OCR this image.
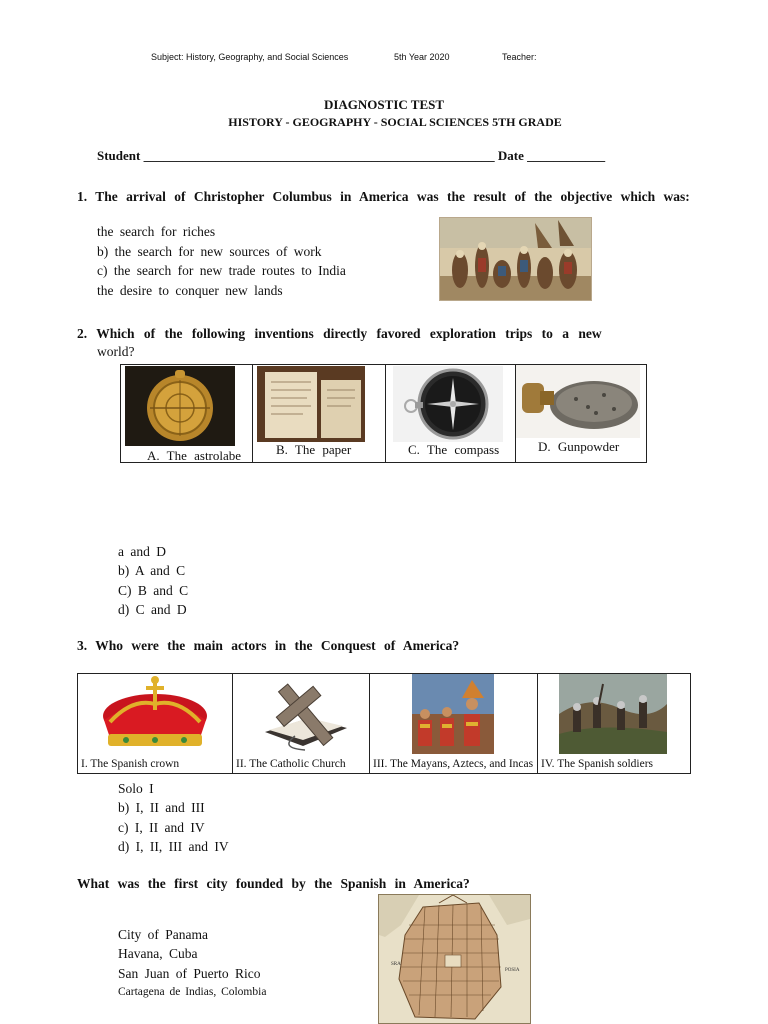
Subject: History, Geography, and Social Sciences	5th Year 2020	Teacher:
DIAGNOSTIC TEST
HISTORY - GEOGRAPHY - SOCIAL SCIENCES 5TH GRADE
Student ______________________________________________________ Date ____________
1. The arrival of Christopher Columbus in America was the result of the objective which was:
the search for riches
b) the search for new sources of work
c) the search for new trade routes to India
the desire to conquer new lands
2. Which of the following inventions directly favored exploration trips to a new
world?
A. The astrolabe	B. The paper	C. The compass	D. Gunpowder
a and D
b) A and C
C) B and C
d) C and D
3. Who were the main actors in the Conquest of America?
I. The Spanish crown	II. The Catholic Church	III. The Mayans, Aztecs, and Incas	IV. The Spanish soldiers
Solo I
b) I, II and III
c) I, II and IV
d) I, II, III and IV
What was the first city founded by the Spanish in America?
City of Panama
Havana, Cuba
San Juan of Puerto Rico
Cartagena de Indias, Colombia
SRA
POSIA
